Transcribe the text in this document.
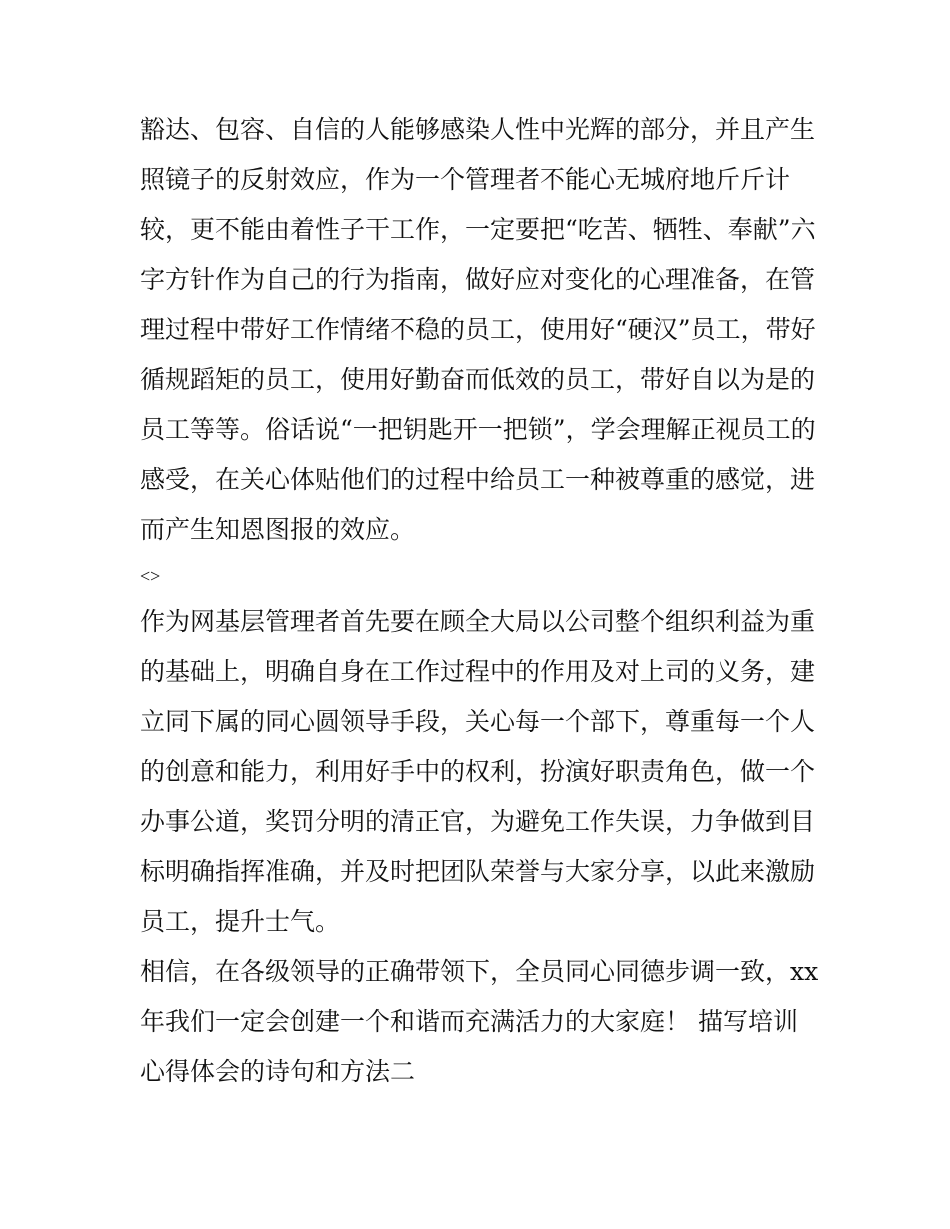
豁达、包容、自信的人能够感染人性中光辉的部分，并且产生
照镜子的反射效应，作为一个管理者不能心无城府地斤斤计
较，更不能由着性子干工作，一定要把“吃苦、牺牲、奉献”六
字方针作为自己的行为指南，做好应对变化的心理准备，在管
理过程中带好工作情绪不稳的员工，使用好“硬汉”员工，带好
循规蹈矩的员工，使用好勤奋而低效的员工，带好自以为是的
员工等等。俗话说“一把钥匙开一把锁”，学会理解正视员工的
感受，在关心体贴他们的过程中给员工一种被尊重的感觉，进
而产生知恩图报的效应。
<>
作为网基层管理者首先要在顾全大局以公司整个组织利益为重
的基础上，明确自身在工作过程中的作用及对上司的义务，建
立同下属的同心圆领导手段，关心每一个部下，尊重每一个人
的创意和能力，利用好手中的权利，扮演好职责角色，做一个
办事公道，奖罚分明的清正官，为避免工作失误，力争做到目
标明确指挥准确，并及时把团队荣誉与大家分享，以此来激励
员工，提升士气。
相信，在各级领导的正确带领下，全员同心同德步调一致，xx
年我们一定会创建一个和谐而充满活力的大家庭！ 描写培训
心得体会的诗句和方法二
